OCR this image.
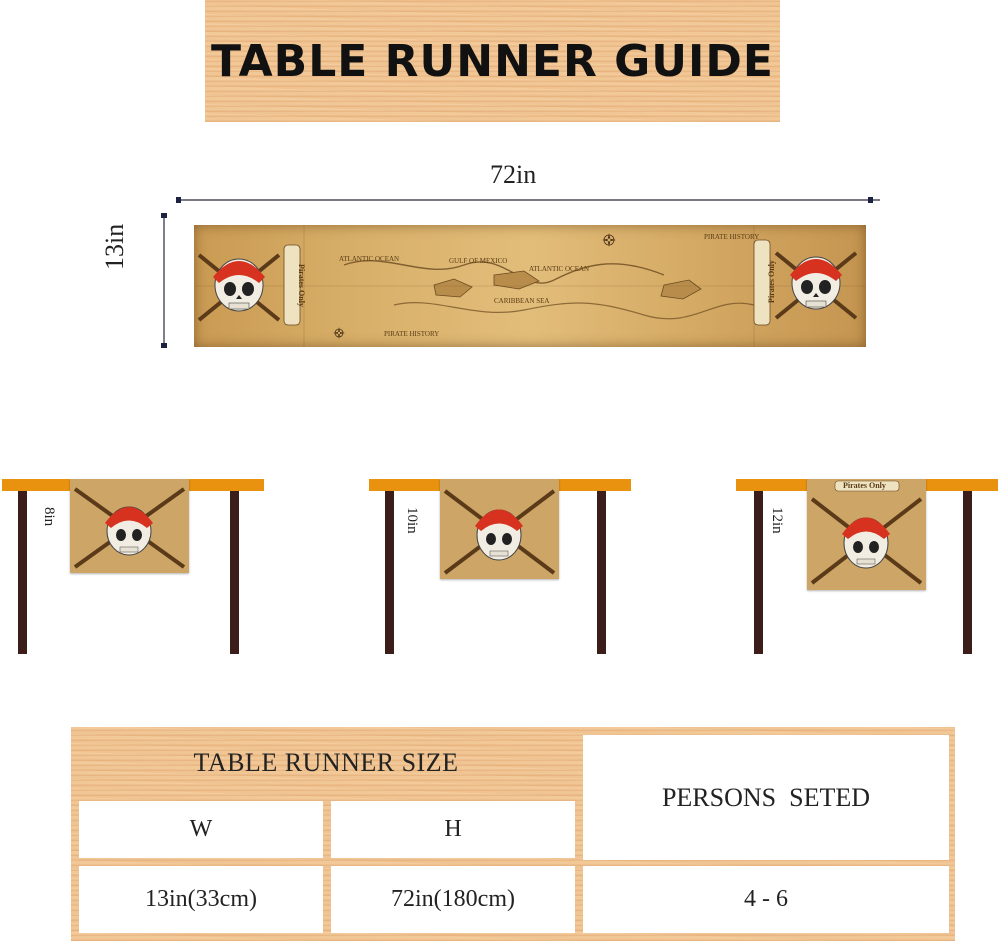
TABLE RUNNER GUIDE
72in
13in
Pirates Only	Pirates Only
ATLANTIC OCEAN	GULF OF MEXICO
PIRATE HISTORY
ATLANTIC OCEAN
CARIBBEAN SEA
PIRATE HISTORY
8in	10in
Pirates Only
12in
TABLE RUNNER SIZE
PERSONS  SETED
W	H
13in(33cm)	72in(180cm)	4 - 6
